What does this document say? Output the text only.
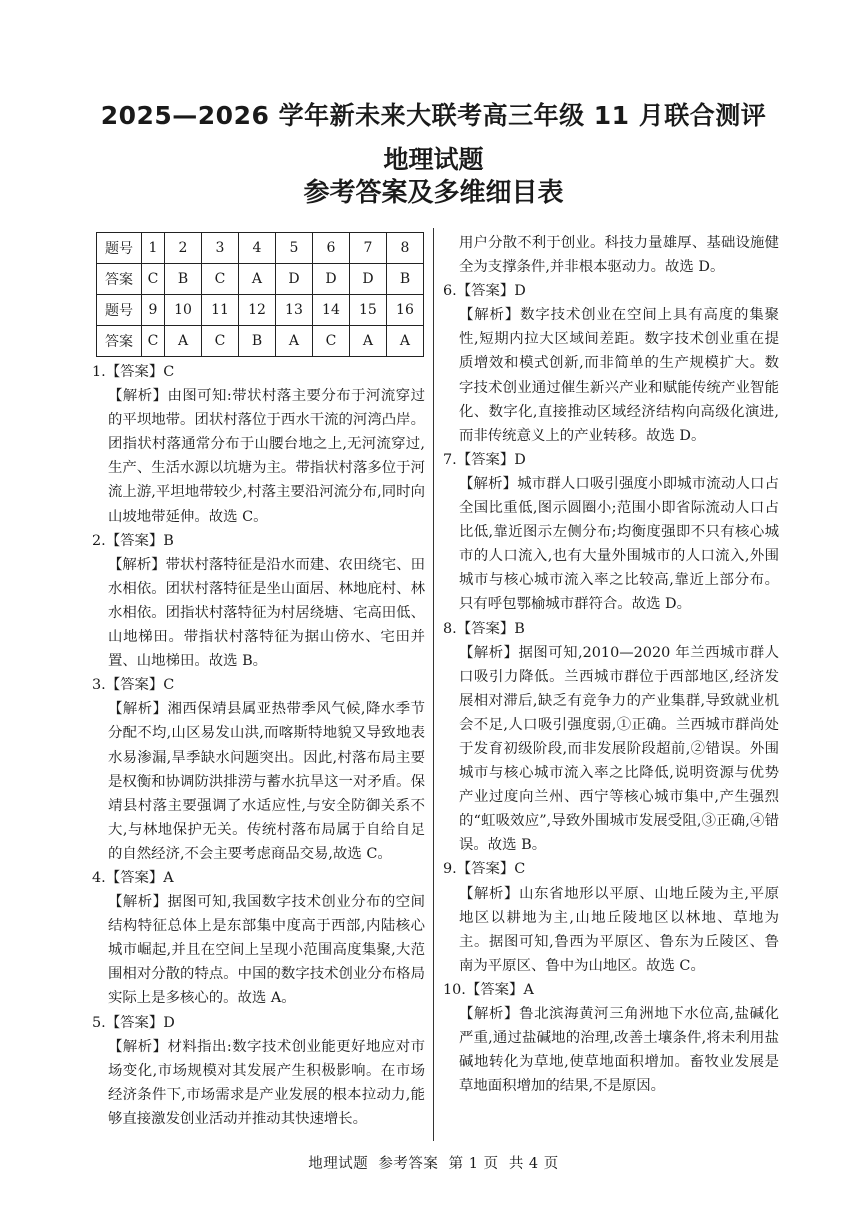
2025—2026 学年新未来大联考高三年级 11 月联合测评
地理试题
参考答案及多维细目表
题号	1	2	3	4	5	6	7	8
答案	C	B	C	A	D	D	D	B
题号	9	10	11	12	13	14	15	16
答案	C	A	C	B	A	C	A	A
1.【答案】C
【解析】由图可知:带状村落主要分布于河流穿过的平坝地带。团状村落位于西水干流的河湾凸岸。团指状村落通常分布于山腰台地之上,无河流穿过,生产、生活水源以坑塘为主。带指状村落多位于河流上游,平坦地带较少,村落主要沿河流分布,同时向山坡地带延伸。故选 C。
2.【答案】B
【解析】带状村落特征是沿水而建、农田绕宅、田水相依。团状村落特征是坐山面居、林地庇村、林水相依。团指状村落特征为村居绕塘、宅高田低、山地梯田。带指状村落特征为据山傍水、宅田并置、山地梯田。故选 B。
3.【答案】C
【解析】湘西保靖县属亚热带季风气候,降水季节分配不均,山区易发山洪,而喀斯特地貌又导致地表水易渗漏,旱季缺水问题突出。因此,村落布局主要是权衡和协调防洪排涝与蓄水抗旱这一对矛盾。保靖县村落主要强调了水适应性,与安全防御关系不大,与林地保护无关。传统村落布局属于自给自足的自然经济,不会主要考虑商品交易,故选 C。
4.【答案】A
【解析】据图可知,我国数字技术创业分布的空间结构特征总体上是东部集中度高于西部,内陆核心城市崛起,并且在空间上呈现小范围高度集聚,大范围相对分散的特点。中国的数字技术创业分布格局实际上是多核心的。故选 A。
5.【答案】D
【解析】材料指出:数字技术创业能更好地应对市场变化,市场规模对其发展产生积极影响。在市场经济条件下,市场需求是产业发展的根本拉动力,能够直接激发创业活动并推动其快速增长。
用户分散不利于创业。科技力量雄厚、基础设施健全为支撑条件,并非根本驱动力。故选 D。
6.【答案】D
【解析】数字技术创业在空间上具有高度的集聚性,短期内拉大区域间差距。数字技术创业重在提质增效和模式创新,而非简单的生产规模扩大。数字技术创业通过催生新兴产业和赋能传统产业智能化、数字化,直接推动区域经济结构向高级化演进,而非传统意义上的产业转移。故选 D。
7.【答案】D
【解析】城市群人口吸引强度小即城市流动人口占全国比重低,图示圆圈小;范围小即省际流动人口占比低,靠近图示左侧分布;均衡度强即不只有核心城市的人口流入,也有大量外围城市的人口流入,外围城市与核心城市流入率之比较高,靠近上部分布。只有呼包鄂榆城市群符合。故选 D。
8.【答案】B
【解析】据图可知,2010—2020 年兰西城市群人口吸引力降低。兰西城市群位于西部地区,经济发展相对滞后,缺乏有竞争力的产业集群,导致就业机会不足,人口吸引强度弱,①正确。兰西城市群尚处于发育初级阶段,而非发展阶段超前,②错误。外围城市与核心城市流入率之比降低,说明资源与优势产业过度向兰州、西宁等核心城市集中,产生强烈的“虹吸效应”,导致外围城市发展受阻,③正确,④错误。故选 B。
9.【答案】C
【解析】山东省地形以平原、山地丘陵为主,平原地区以耕地为主,山地丘陵地区以林地、草地为主。据图可知,鲁西为平原区、鲁东为丘陵区、鲁南为平原区、鲁中为山地区。故选 C。
10.【答案】A
【解析】鲁北滨海黄河三角洲地下水位高,盐碱化严重,通过盐碱地的治理,改善土壤条件,将未利用盐碱地转化为草地,使草地面积增加。畜牧业发展是草地面积增加的结果,不是原因。
地理试题  参考答案  第 1 页  共 4 页
